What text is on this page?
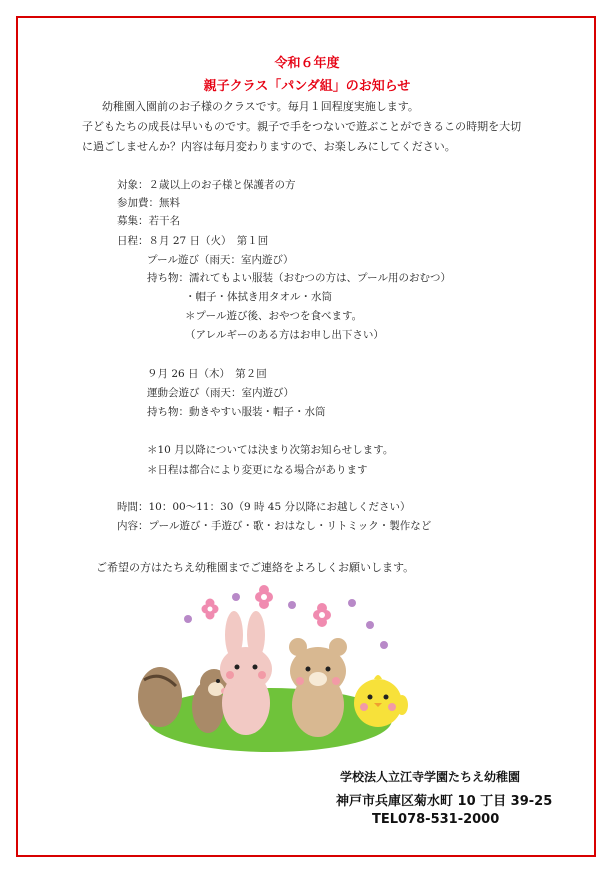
令和６年度
親子クラス「パンダ組」のお知らせ
幼稚園入園前のお子様のクラスです。毎月１回程度実施します。
子どもたちの成長は早いものです。親子で手をつないで遊ぶことができるこの時期を大切
に過ごしませんか？内容は毎月変わりますので、お楽しみにしてください。
対象：２歳以上のお子様と保護者の方
参加費：無料
募集：若干名
日程：８月 27 日（火）　第１回
プール遊び（雨天：室内遊び）
持ち物：濡れてもよい服装（おむつの方は、プール用のおむつ）
・帽子・体拭き用タオル・水筒
＊プール遊び後、おやつを食べます。
（アレルギーのある方はお申し出下さい）
９月 26 日（木）　第２回
運動会遊び（雨天：室内遊び）
持ち物：動きやすい服装・帽子・水筒
＊10 月以降については決まり次第お知らせします。
＊日程は都合により変更になる場合があります
時間：10：00～11：30（9 時 45 分以降にお越しください）
内容：プール遊び・手遊び・歌・おはなし・リトミック・製作など
ご希望の方はたちえ幼稚園までご連絡をよろしくお願いします。
学校法人立江寺学園たちえ幼稚園
神戸市兵庫区菊水町 10 丁目 39-25
TEL078-531-2000
